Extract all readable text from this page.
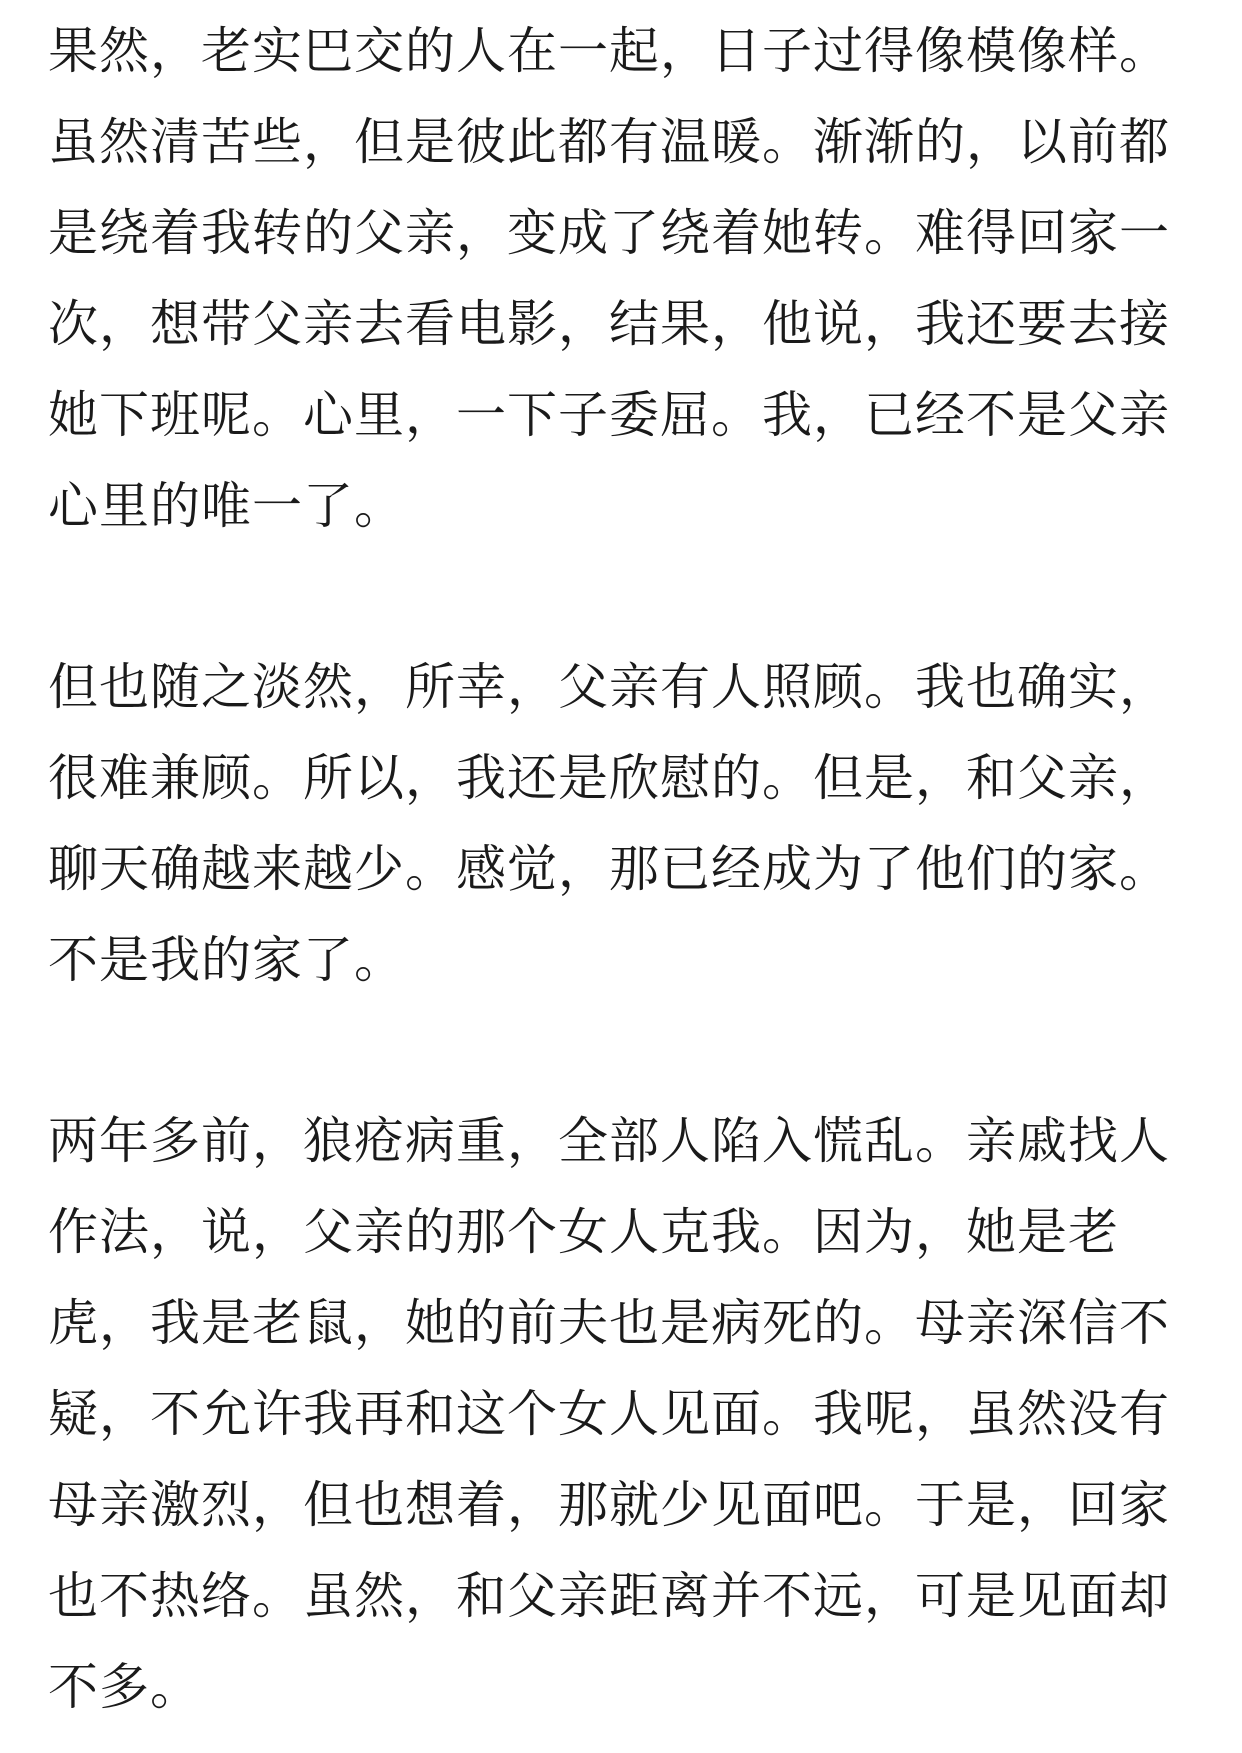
果然，老实巴交的人在一起，日子过得像模像样。
虽然清苦些，但是彼此都有温暖。渐渐的，以前都
是绕着我转的父亲，变成了绕着她转。难得回家一
次，想带父亲去看电影，结果，他说，我还要去接
她下班呢。心里，一下子委屈。我，已经不是父亲
心里的唯一了。
但也随之淡然，所幸，父亲有人照顾。我也确实，
很难兼顾。所以，我还是欣慰的。但是，和父亲，
聊天确越来越少。感觉，那已经成为了他们的家。
不是我的家了。
两年多前，狼疮病重，全部人陷入慌乱。亲戚找人
作法，说，父亲的那个女人克我。因为，她是老
虎，我是老鼠，她的前夫也是病死的。母亲深信不
疑，不允许我再和这个女人见面。我呢，虽然没有
母亲激烈，但也想着，那就少见面吧。于是，回家
也不热络。虽然，和父亲距离并不远，可是见面却
不多。
